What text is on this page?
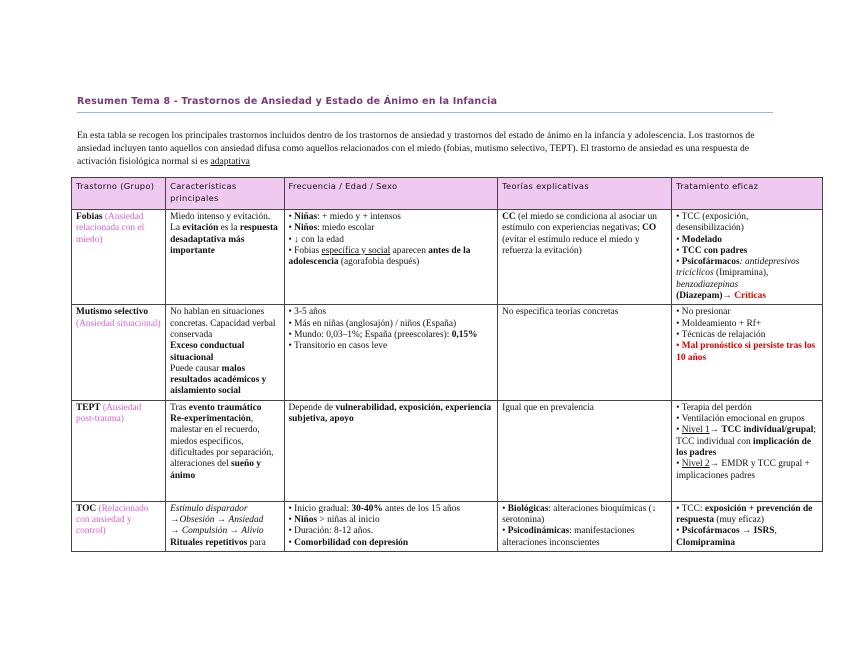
Resumen Tema 8 - Trastornos de Ansiedad y Estado de Ánimo en la Infancia

En esta tabla se recogen los principales trastornos incluidos dentro de los trastornos de ansiedad y trastornos del estado de ánimo en la infancia y adolescencia. Los trastornos de ansiedad incluyen tanto aquellos con ansiedad difusa como aquellos relacionados con el miedo (fobias, mutismo selectivo, TEPT). El trastorno de ansiedad es una respuesta de activación fisiológica normal si es adaptativa

Trastorno (Grupo)	Características principales	Frecuencia / Edad / Sexo	Teorías explicativas	Tratamiento eficaz
Fobias (Ansiedad relacionada con el miedo)	Miedo intenso y evitación. La evitación es la respuesta desadaptativa más importante	• Niñas: + miedo y + intensos
• Niños: miedo escolar
• ↓ con la edad
• Fobias específica y social aparecen antes de la adolescencia (agorafobia después)	CC (el miedo se condiciona al asociar un estímulo con experiencias negativas; CO (evitar el estímulo reduce el miedo y refuerza la evitación)	• TCC (exposición, desensibilización)
• Modelado
• TCC con padres
• Psicofármacos: antidepresivos tricíclicos (Imipramina), benzodiazepinas
(Diazepam)→ Críticas
Mutismo selectivo (Ansiedad situacional)	No hablan en situaciones concretas. Capacidad verbal conservada
Exceso conductual situacional
Puede causar malos resultados académicos y aislamiento social	• 3-5 años
• Más en niñas (anglosajón) / niños (España)
• Mundo: 0,03–1%; España (preescolares): 0,15%
• Transitorio en casos leve	No especifica teorías concretas	• No presionar
• Moldeamiento + Rf+
• Técnicas de relajación
• Mal pronóstico si persiste tras los 10 años
TEPT (Ansiedad post-trauma)	Tras evento traumático
Re-experimentación, malestar en el recuerdo, miedos específicos, dificultades por separación, alteraciones del sueño y ánimo	Depende de vulnerabilidad, exposición, experiencia subjetiva, apoyo	Igual que en prevalencia	• Terapia del perdón
• Ventilación emocional en grupos
• Nivel 1→ TCC individual/grupal; TCC individual con implicación de los padres
• Nivel 2→ EMDR y TCC grupal + implicaciones padres
TOC (Relacionado con ansiedad y control)	Estímulo disparador
→Obsesión → Ansiedad
→ Compulsión → Alivio
Rituales repetitivos para	• Inicio gradual: 30-40% antes de los 15 años
• Niños > niñas al inicio
• Duración: 8-12 años.
• Comorbilidad con depresión	• Biológicas: alteraciones bioquímicas (↓ serotonina)
• Psicodinámicas: manifestaciones alteraciones inconscientes	• TCC: exposición + prevención de respuesta (muy eficaz)
• Psicofármacos → ISRS, Clomipramina
